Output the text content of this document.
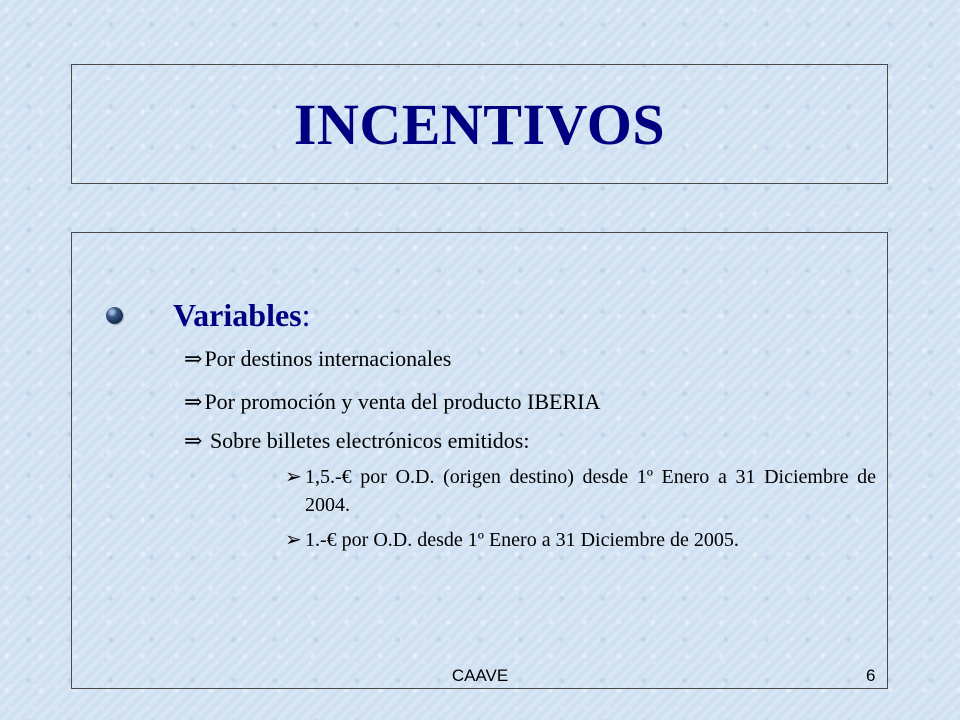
INCENTIVOS
Variables :
⇒ Por destinos internacionales
⇒ Por promoción y venta del producto IBERIA
⇒ Sobre billetes electrónicos emitidos:
➢ 1,5.-€ por O.D. (origen destino) desde 1º Enero a 31 Diciembre de 2004.
➢ 1.-€ por O.D. desde 1º Enero a 31 Diciembre de 2005.
CAAVE	6
